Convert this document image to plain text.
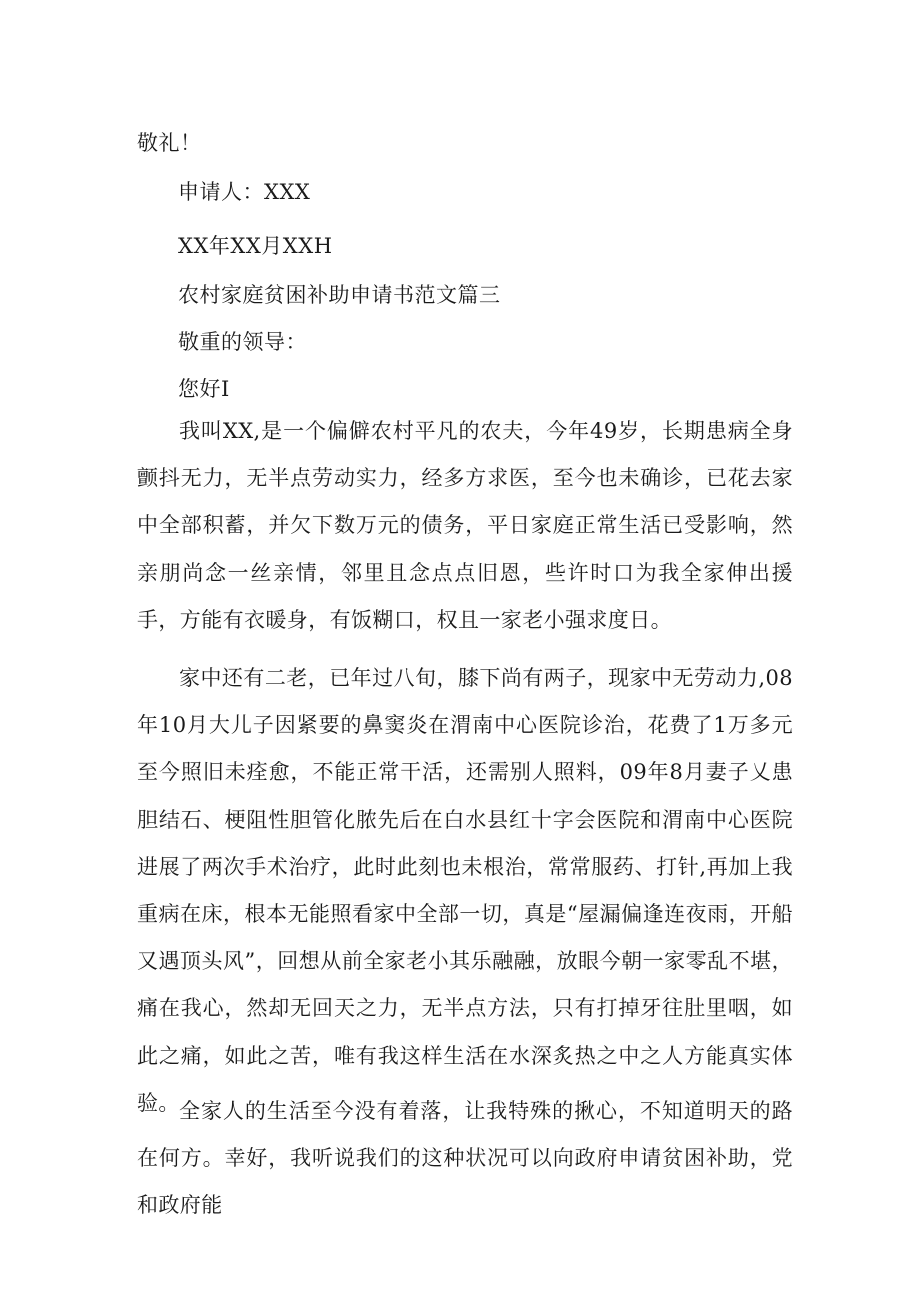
敬礼！
申请人：XXX
XX年XX月XXH
农村家庭贫困补助申请书范文篇三
敬重的领导：
您好I

我叫XX,是一个偏僻农村平凡的农夫，今年49岁，长期患病全身颤抖无力，无半点劳动实力，经多方求医，至今也未确诊，已花去家中全部积蓄，并欠下数万元的债务，平日家庭正常生活已受影响，然亲朋尚念一丝亲情，邻里且念点点旧恩，些许时口为我全家伸出援手，方能有衣暖身，有饭糊口，权且一家老小强求度日。

家中还有二老，已年过八旬，膝下尚有两子，现家中无劳动力,08年10月大儿子因紧要的鼻窦炎在渭南中心医院诊治，花费了1万多元至今照旧未痊愈，不能正常干活，还需别人照料，09年8月妻子乂患胆结石、梗阻性胆管化脓先后在白水县红十字会医院和渭南中心医院进展了两次手术治疗，此时此刻也未根治，常常服药、打针,再加上我重病在床，根本无能照看家中全部一切，真是“屋漏偏逢连夜雨，开船又遇顶头风”，回想从前全家老小其乐融融，放眼今朝一家零乱不堪，痛在我心，然却无回天之力，无半点方法，只有打掉牙往肚里咽，如此之痛，如此之苦，唯有我这样生活在水深炙热之中之人方能真实体验。 全家人的生活至今没有着落，让我特殊的揪心，不知道明天的路在何方。幸好，我听说我们的这种状况可以向政府申请贫困补助，党和政府能
